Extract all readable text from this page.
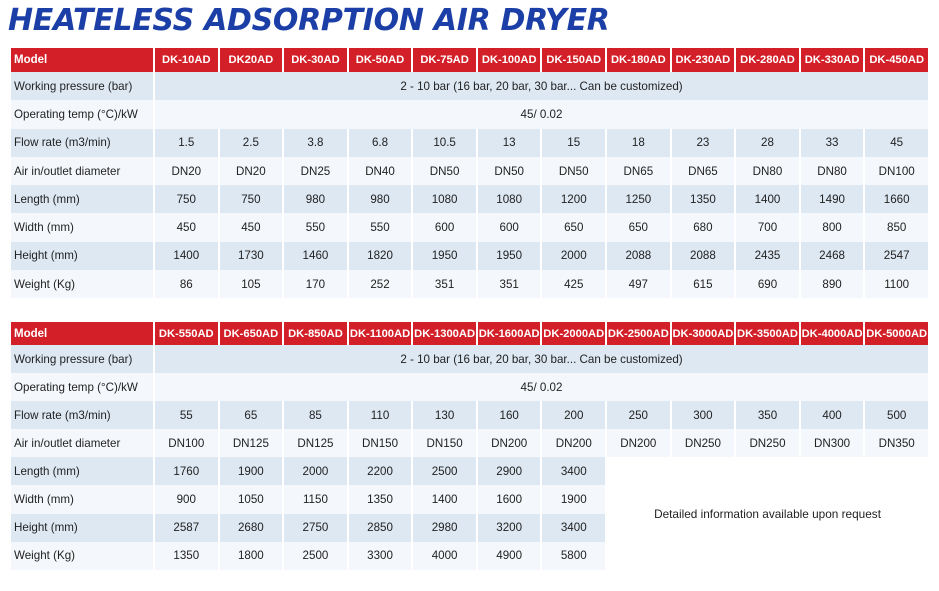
HEATELESS ADSORPTION AIR DRYER
Model	DK-10AD	DK20AD	DK-30AD	DK-50AD	DK-75AD	DK-100AD	DK-150AD	DK-180AD	DK-230AD	DK-280AD	DK-330AD	DK-450AD
Working pressure (bar)	2 - 10 bar (16 bar, 20 bar, 30 bar... Can be customized)											
Operating temp (°C)/kW	45/ 0.02											
Flow rate (m3/min)	1.5	2.5	3.8	6.8	10.5	13	15	18	23	28	33	45
Air in/outlet diameter	DN20	DN20	DN25	DN40	DN50	DN50	DN50	DN65	DN65	DN80	DN80	DN100
Length (mm)	750	750	980	980	1080	1080	1200	1250	1350	1400	1490	1660
Width (mm)	450	450	550	550	600	600	650	650	680	700	800	850
Height (mm)	1400	1730	1460	1820	1950	1950	2000	2088	2088	2435	2468	2547
Weight (Kg)	86	105	170	252	351	351	425	497	615	690	890	1100
Model	DK-550AD	DK-650AD	DK-850AD	DK-1100AD	DK-1300AD	DK-1600AD	DK-2000AD	DK-2500AD	DK-3000AD	DK-3500AD	DK-4000AD	DK-5000AD
Working pressure (bar)	2 - 10 bar (16 bar, 20 bar, 30 bar... Can be customized)											
Operating temp (°C)/kW	45/ 0.02											
Flow rate (m3/min)	55	65	85	110	130	160	200	250	300	350	400	500
Air in/outlet diameter	DN100	DN125	DN125	DN150	DN150	DN200	DN200	DN200	DN250	DN250	DN300	DN350
Length (mm)	1760	1900	2000	2200	2500	2900	3400	Detailed information available upon request				
Width (mm)	900	1050	1150	1350	1400	1600	1900					
Height (mm)	2587	2680	2750	2850	2980	3200	3400					
Weight (Kg)	1350	1800	2500	3300	4000	4900	5800					
